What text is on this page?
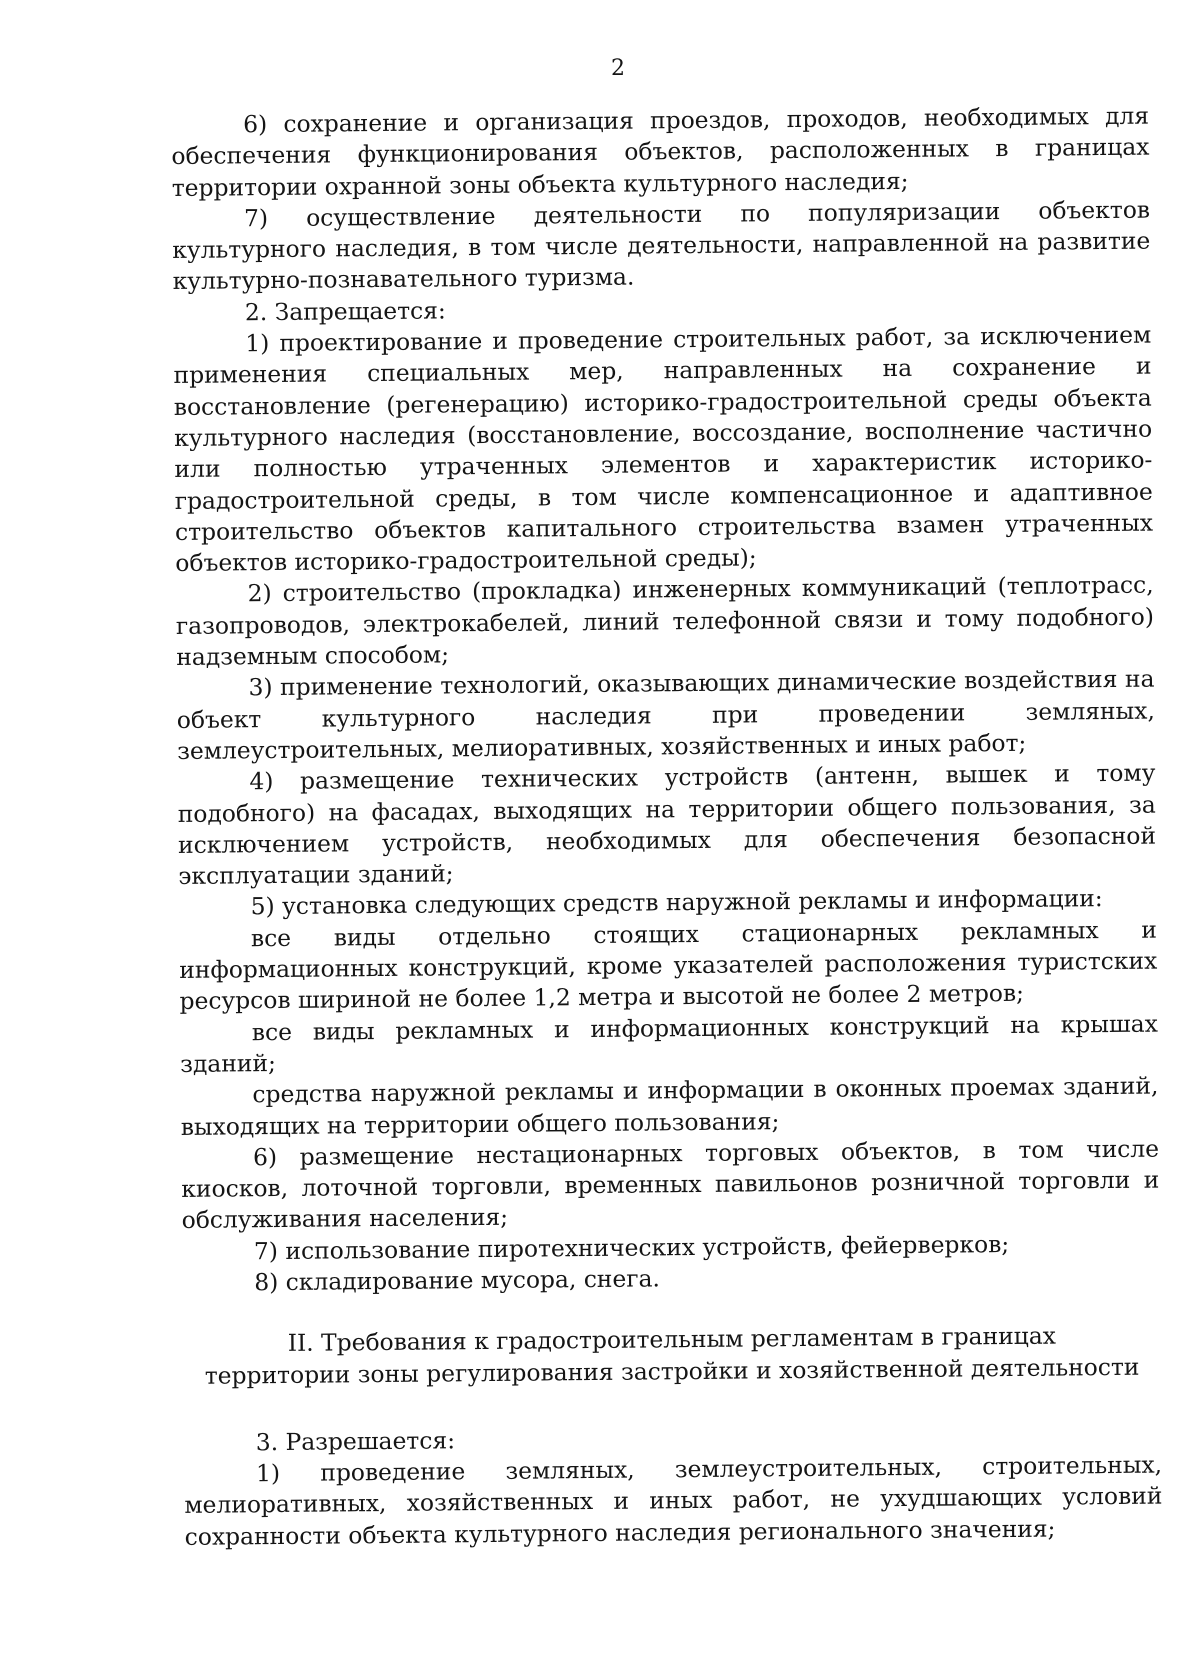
2

6) сохранение и организация проездов, проходов, необходимых для обеспечения функционирования объектов, расположенных в границах территории охранной зоны объекта культурного наследия;

7) осуществление деятельности по популяризации объектов культурного наследия, в том числе деятельности, направленной на развитие культурно-познавательного туризма.

2. Запрещается:

1) проектирование и проведение строительных работ, за исключением применения специальных мер, направленных на сохранение и восстановление (регенерацию) историко-градостроительной среды объекта культурного наследия (восстановление, воссоздание, восполнение частично или полностью утраченных элементов и характеристик историко-градостроительной среды, в том числе компенсационное и адаптивное строительство объектов капитального строительства взамен утраченных объектов историко-градостроительной среды);

2) строительство (прокладка) инженерных коммуникаций (теплотрасс, газопроводов, электрокабелей, линий телефонной связи и тому подобного) надземным способом;

3) применение технологий, оказывающих динамические воздействия на объект культурного наследия при проведении земляных, землеустроительных, мелиоративных, хозяйственных и иных работ;

4) размещение технических устройств (антенн, вышек и тому подобного) на фасадах, выходящих на территории общего пользования, за исключением устройств, необходимых для обеспечения безопасной эксплуатации зданий;

5) установка следующих средств наружной рекламы и информации:

все виды отдельно стоящих стационарных рекламных и информационных конструкций, кроме указателей расположения туристских ресурсов шириной не более 1,2 метра и высотой не более 2 метров;

все виды рекламных и информационных конструкций на крышах зданий;

средства наружной рекламы и информации в оконных проемах зданий, выходящих на территории общего пользования;

6) размещение нестационарных торговых объектов, в том числе киосков, лоточной торговли, временных павильонов розничной торговли и обслуживания населения;

7) использование пиротехнических устройств, фейерверков;

8) складирование мусора, снега.

II. Требования к градостроительным регламентам в границах
территории зоны регулирования застройки и хозяйственной деятельности

3. Разрешается:

1) проведение земляных, землеустроительных, строительных, мелиоративных, хозяйственных и иных работ, не ухудшающих условий сохранности объекта культурного наследия регионального значения;
